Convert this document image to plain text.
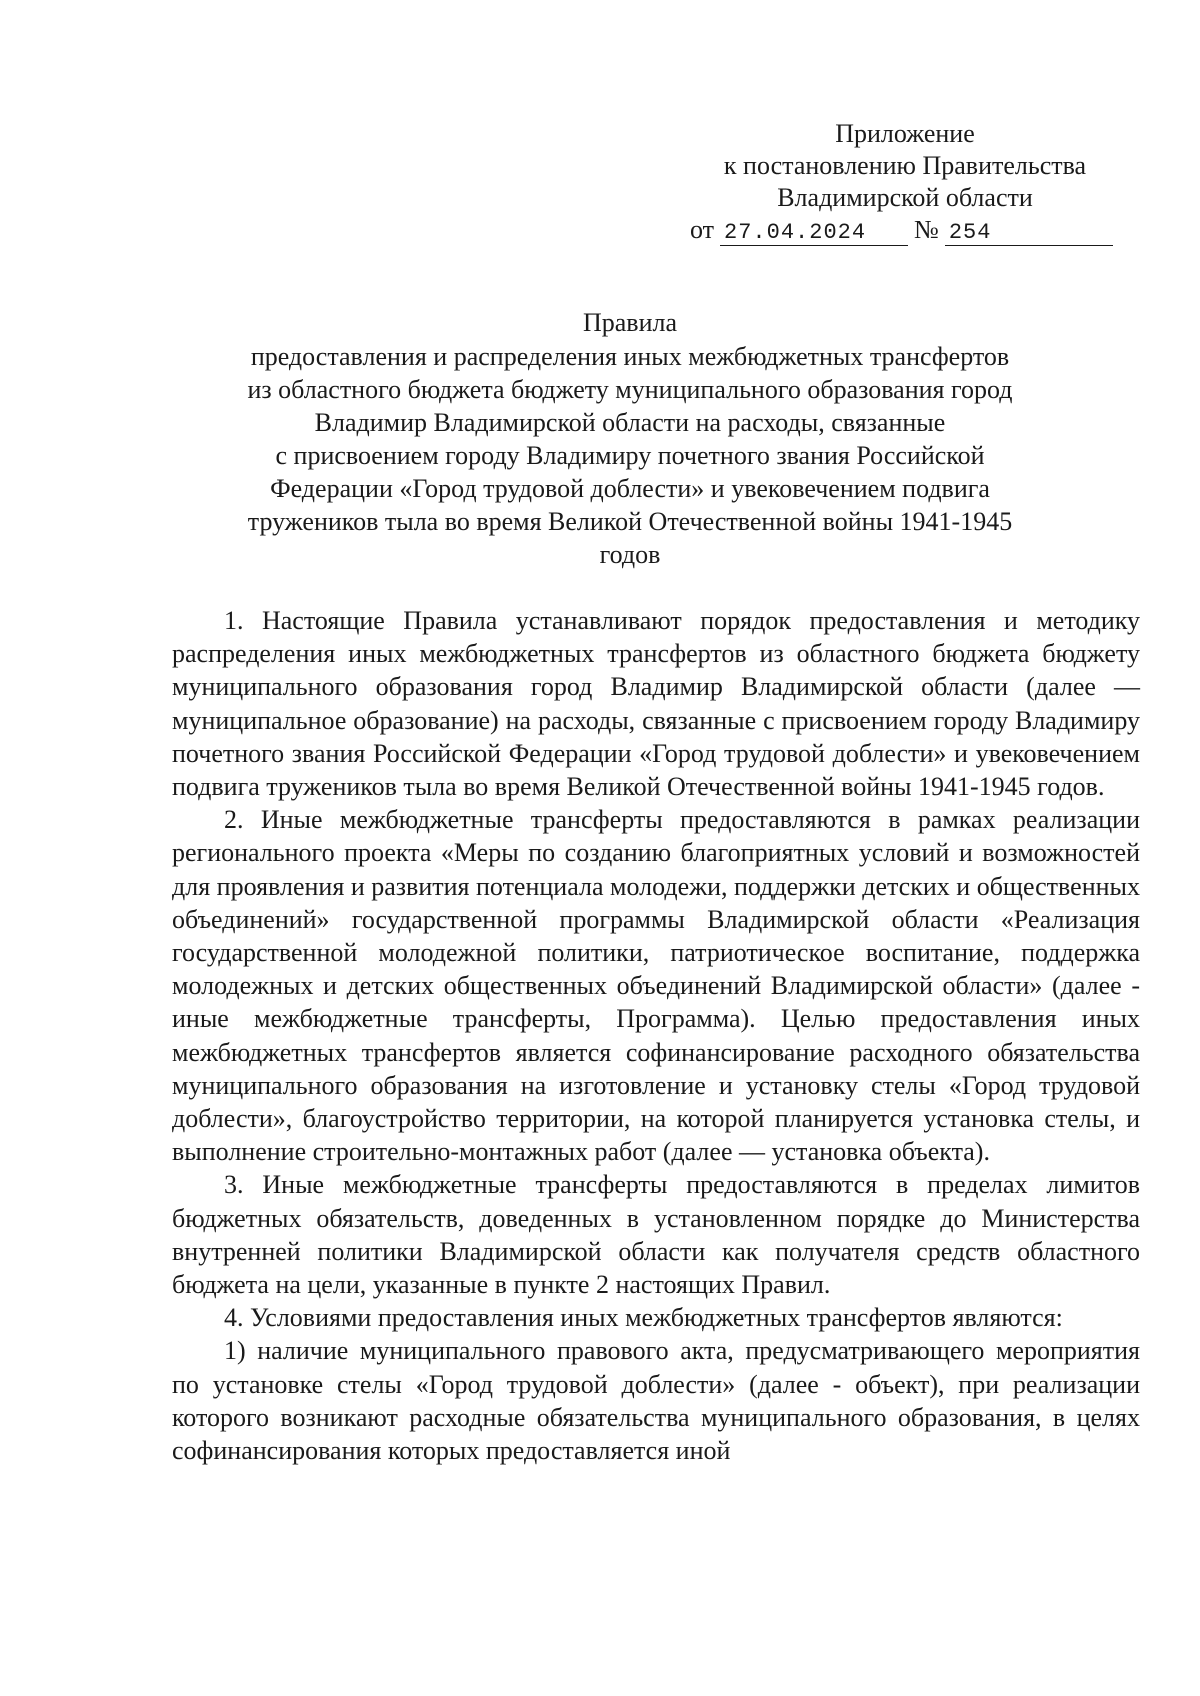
Приложение
к постановлению Правительства
Владимирской области
от 27.04.2024 № 254
Правила
предоставления и распределения иных межбюджетных трансфертов
из областного бюджета бюджету муниципального образования город
Владимир Владимирской области на расходы, связанные
с присвоением городу Владимиру почетного звания Российской
Федерации «Город трудовой доблести» и увековечением подвига
тружеников тыла во время Великой Отечественной войны 1941-1945
годов

1. Настоящие Правила устанавливают порядок предоставления и методику распределения иных межбюджетных трансфертов из областного бюджета бюджету муниципального образования город Владимир Владимирской области (далее — муниципальное образование) на расходы, связанные с присвоением городу Владимиру почетного звания Российской Федерации «Город трудовой доблести» и увековечением подвига тружеников тыла во время Великой Отечественной войны 1941-1945 годов.

2. Иные межбюджетные трансферты предоставляются в рамках реализации регионального проекта «Меры по созданию благоприятных условий и возможностей для проявления и развития потенциала молодежи, поддержки детских и общественных объединений» государственной программы Владимирской области «Реализация государственной молодежной политики, патриотическое воспитание, поддержка молодежных и детских общественных объединений Владимирской области» (далее - иные межбюджетные трансферты, Программа). Целью предоставления иных межбюджетных трансфертов является софинансирование расходного обязательства муниципального образования на изготовление и установку стелы «Город трудовой доблести», благоустройство территории, на которой планируется установка стелы, и выполнение строительно-монтажных работ (далее — установка объекта).

3. Иные межбюджетные трансферты предоставляются в пределах лимитов бюджетных обязательств, доведенных в установленном порядке до Министерства внутренней политики Владимирской области как получателя средств областного бюджета на цели, указанные в пункте 2 настоящих Правил.

4. Условиями предоставления иных межбюджетных трансфертов являются:

1) наличие муниципального правового акта, предусматривающего мероприятия по установке стелы «Город трудовой доблести» (далее - объект), при реализации которого возникают расходные обязательства муниципального образования, в целях софинансирования которых предоставляется иной
